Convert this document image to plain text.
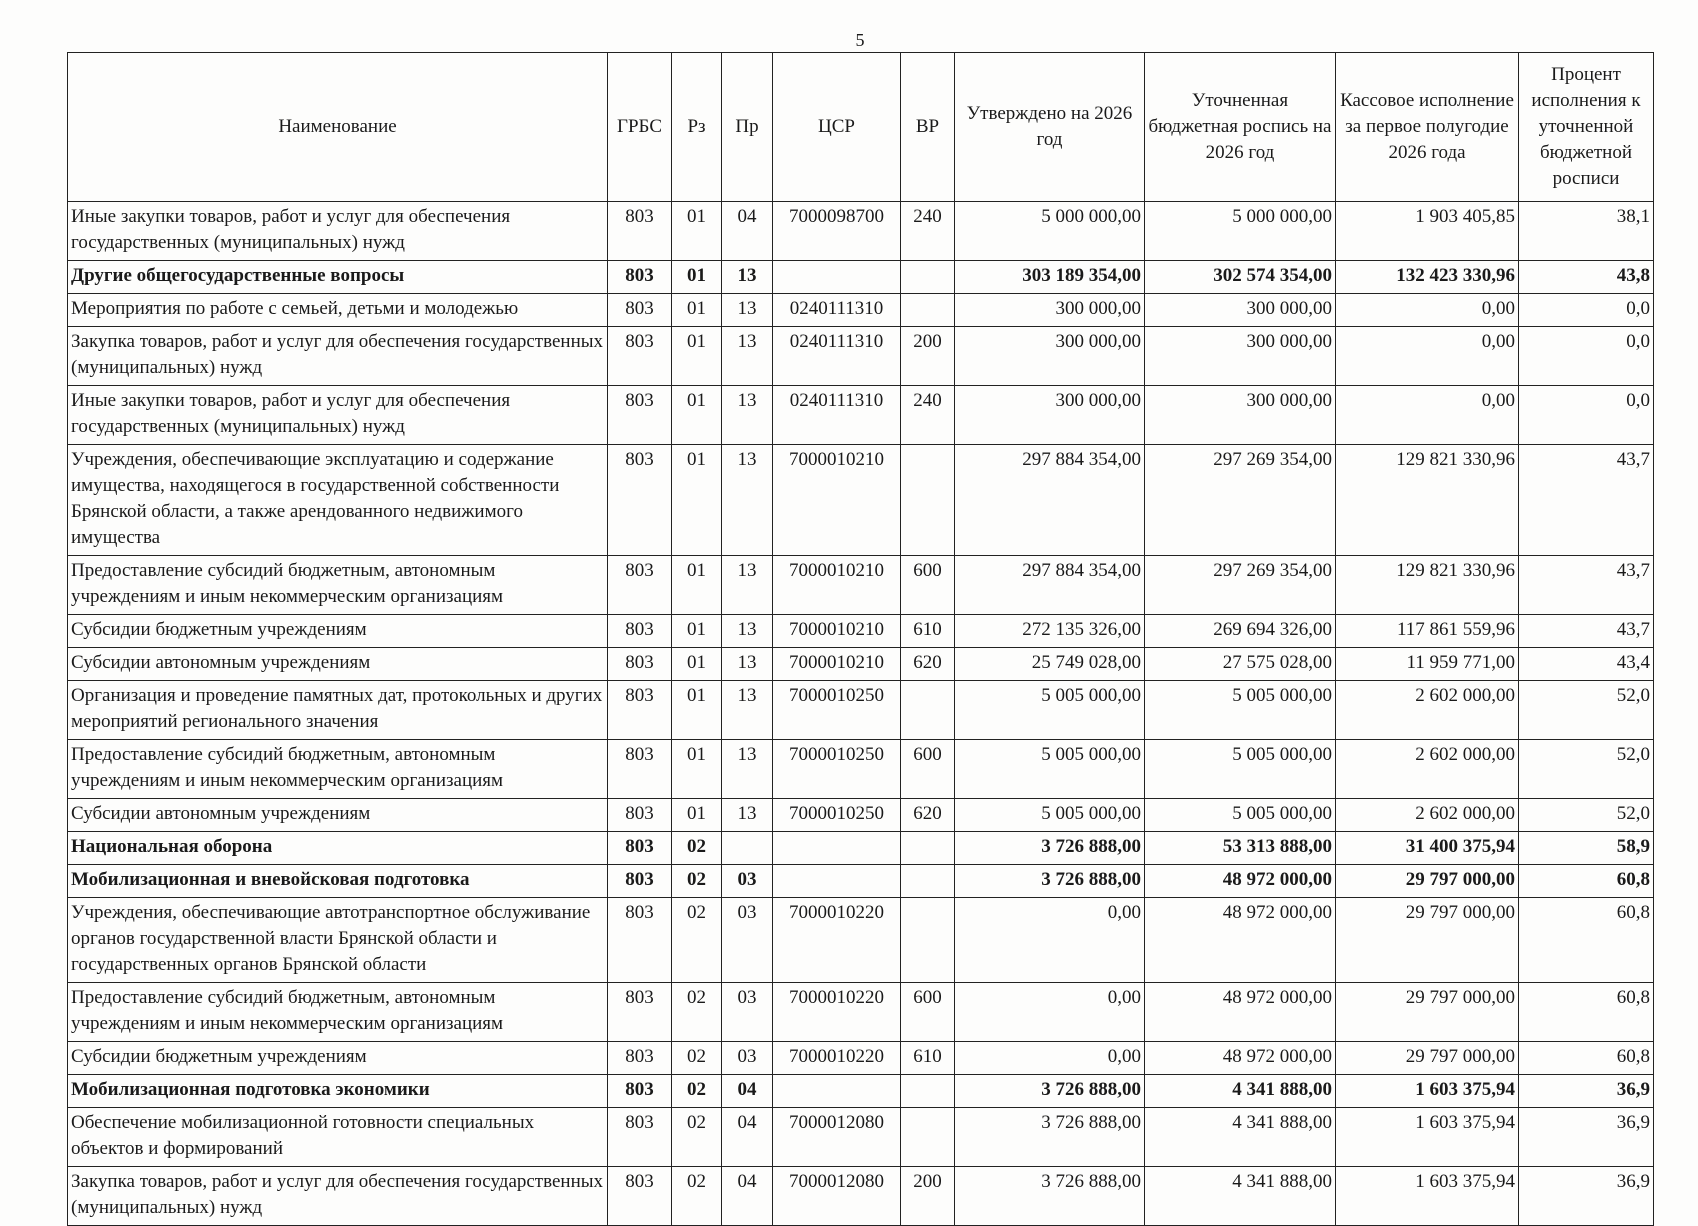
5
Наименование	ГРБС	Рз	Пр	ЦСР	ВР	Утверждено на 2026 год	Уточненная бюджетная роспись на 2026 год	Кассовое исполнение за первое полугодие 2026 года	Процент исполнения к уточненной бюджетной росписи
Иные закупки товаров, работ и услуг для обеспечения государственных (муниципальных) нужд	803	01	04	7000098700	240	5 000 000,00	5 000 000,00	1 903 405,85	38,1
Другие общегосударственные вопросы	803	01	13			303 189 354,00	302 574 354,00	132 423 330,96	43,8
Мероприятия по работе с семьей, детьми и молодежью	803	01	13	0240111310		300 000,00	300 000,00	0,00	0,0
Закупка товаров, работ и услуг для обеспечения государственных (муниципальных) нужд	803	01	13	0240111310	200	300 000,00	300 000,00	0,00	0,0
Иные закупки товаров, работ и услуг для обеспечения государственных (муниципальных) нужд	803	01	13	0240111310	240	300 000,00	300 000,00	0,00	0,0
Учреждения, обеспечивающие эксплуатацию и содержание имущества, находящегося в государственной собственности Брянской области, а также арендованного недвижимого имущества	803	01	13	7000010210		297 884 354,00	297 269 354,00	129 821 330,96	43,7
Предоставление субсидий бюджетным, автономным учреждениям и иным некоммерческим организациям	803	01	13	7000010210	600	297 884 354,00	297 269 354,00	129 821 330,96	43,7
Субсидии бюджетным учреждениям	803	01	13	7000010210	610	272 135 326,00	269 694 326,00	117 861 559,96	43,7
Субсидии автономным учреждениям	803	01	13	7000010210	620	25 749 028,00	27 575 028,00	11 959 771,00	43,4
Организация и проведение памятных дат, протокольных и других мероприятий регионального значения	803	01	13	7000010250		5 005 000,00	5 005 000,00	2 602 000,00	52,0
Предоставление субсидий бюджетным, автономным учреждениям и иным некоммерческим организациям	803	01	13	7000010250	600	5 005 000,00	5 005 000,00	2 602 000,00	52,0
Субсидии автономным учреждениям	803	01	13	7000010250	620	5 005 000,00	5 005 000,00	2 602 000,00	52,0
Национальная оборона	803	02				3 726 888,00	53 313 888,00	31 400 375,94	58,9
Мобилизационная и вневойсковая подготовка	803	02	03			3 726 888,00	48 972 000,00	29 797 000,00	60,8
Учреждения, обеспечивающие автотранспортное обслуживание органов государственной власти Брянской области и государственных органов Брянской области	803	02	03	7000010220		0,00	48 972 000,00	29 797 000,00	60,8
Предоставление субсидий бюджетным, автономным учреждениям и иным некоммерческим организациям	803	02	03	7000010220	600	0,00	48 972 000,00	29 797 000,00	60,8
Субсидии бюджетным учреждениям	803	02	03	7000010220	610	0,00	48 972 000,00	29 797 000,00	60,8
Мобилизационная подготовка экономики	803	02	04			3 726 888,00	4 341 888,00	1 603 375,94	36,9
Обеспечение мобилизационной готовности специальных объектов и формирований	803	02	04	7000012080		3 726 888,00	4 341 888,00	1 603 375,94	36,9
Закупка товаров, работ и услуг для обеспечения государственных (муниципальных) нужд	803	02	04	7000012080	200	3 726 888,00	4 341 888,00	1 603 375,94	36,9
